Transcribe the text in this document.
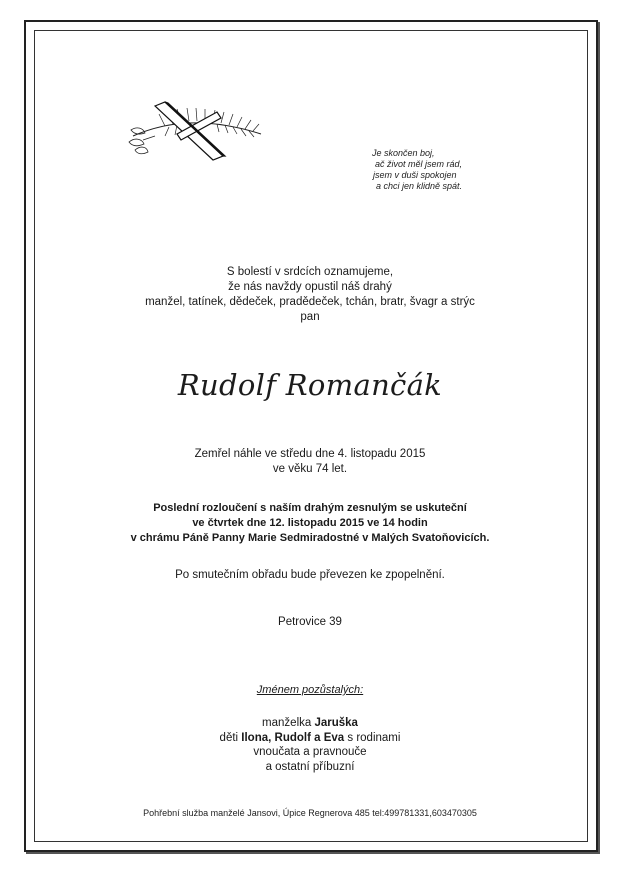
Je skončen boj,
ač život měl jsem rád,
jsem v duši spokojen
a chci jen klidně spát.
S bolestí v srdcích oznamujeme,
že nás navždy opustil náš drahý
manžel, tatínek, dědeček, pradědeček, tchán, bratr, švagr a strýc
pan
Rudolf Romančák
Zemřel náhle ve středu dne 4. listopadu 2015
ve věku 74 let.
Poslední rozloučení s naším drahým zesnulým se uskuteční
ve čtvrtek dne 12. listopadu 2015 ve 14 hodin
v chrámu Páně Panny Marie Sedmiradostné v Malých Svatoňovicích.
Po smutečním obřadu bude převezen ke zpopelnění.
Petrovice 39
Jménem pozůstalých:
manželka Jaruška
děti Ilona, Rudolf a Eva s rodinami
vnoučata a pravnouče
a ostatní příbuzní
Pohřební služba manželé Jansovi, Úpice Regnerova 485 tel:499781331,603470305
